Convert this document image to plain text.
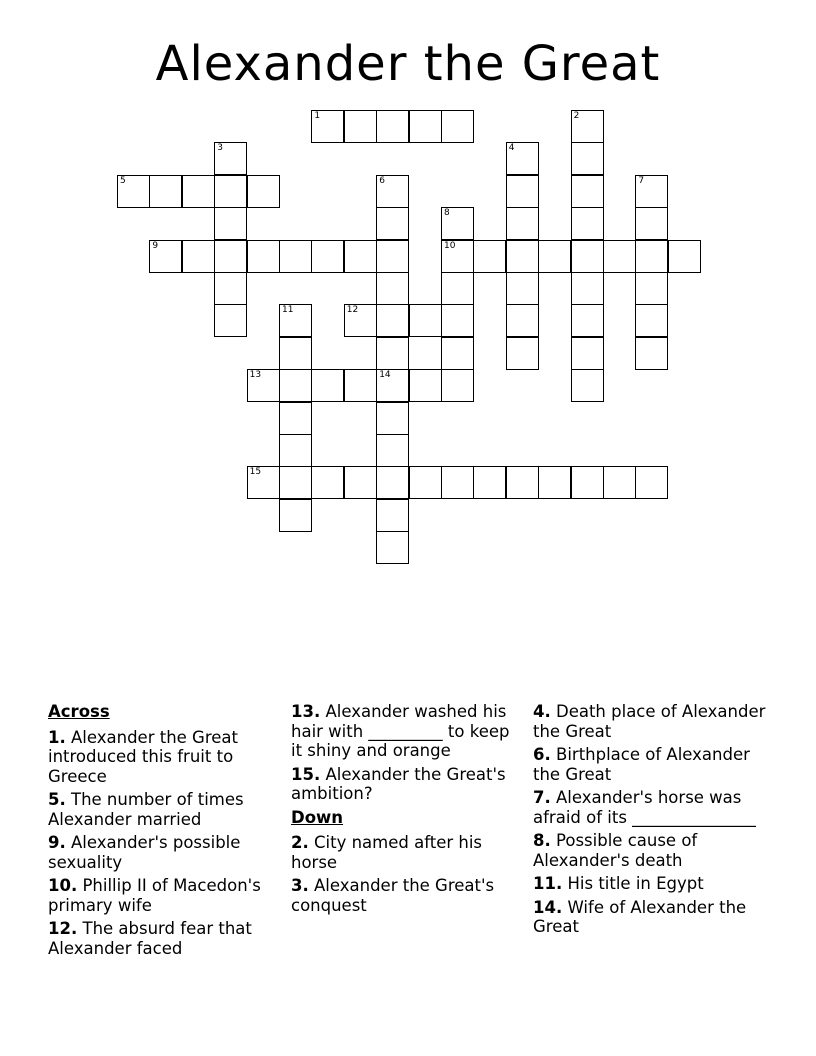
Alexander the Great
1	2
3	4
5	6	7
8
10
9
11	12
13	14
15
Across
1. Alexander the Great introduced this fruit to Greece
5. The number of times Alexander married
9. Alexander's possible sexuality
10. Phillip II of Macedon's primary wife
12. The absurd fear that Alexander faced
13. Alexander washed his hair with _________ to keep it shiny and orange
15. Alexander the Great's ambition?
Down
2. City named after his horse
3. Alexander the Great's conquest
4. Death place of Alexander the Great
6. Birthplace of Alexander the Great
7. Alexander's horse was afraid of its _______________
8. Possible cause of Alexander's death
11. His title in Egypt
14. Wife of Alexander the Great
